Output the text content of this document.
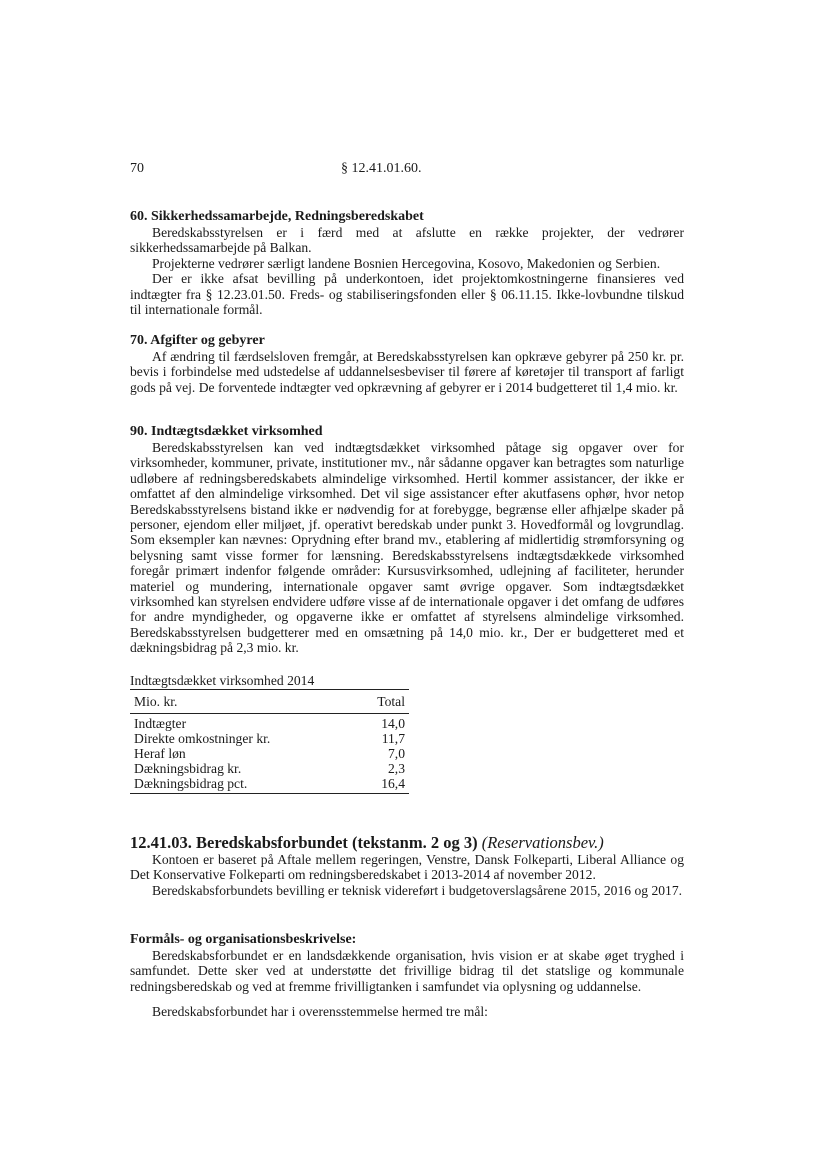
70	§ 12.41.01.60.
60. Sikkerhedssamarbejde, Redningsberedskabet

Beredskabsstyrelsen er i færd med at afslutte en række projekter, der vedrører sikkerhedssamarbejde på Balkan.

Projekterne vedrører særligt landene Bosnien Hercegovina, Kosovo, Makedonien og Serbien.

Der er ikke afsat bevilling på underkontoen, idet projektomkostningerne finansieres ved indtægter fra § 12.23.01.50. Freds- og stabiliseringsfonden eller § 06.11.15. Ikke-lovbundne tilskud til internationale formål.

70. Afgifter og gebyrer

Af ændring til færdselsloven fremgår, at Beredskabsstyrelsen kan opkræve gebyrer på 250 kr. pr. bevis i forbindelse med udstedelse af uddannelsesbeviser til førere af køretøjer til transport af farligt gods på vej. De forventede indtægter ved opkrævning af gebyrer er i 2014 budgetteret til 1,4 mio. kr.

90. Indtægtsdækket virksomhed

Beredskabsstyrelsen kan ved indtægtsdækket virksomhed påtage sig opgaver over for virksomheder, kommuner, private, institutioner mv., når sådanne opgaver kan betragtes som naturlige udløbere af redningsberedskabets almindelige virksomhed. Hertil kommer assistancer, der ikke er omfattet af den almindelige virksomhed. Det vil sige assistancer efter akutfasens ophør, hvor netop Beredskabsstyrelsens bistand ikke er nødvendig for at forebygge, begrænse eller afhjælpe skader på personer, ejendom eller miljøet, jf. operativt beredskab under punkt 3. Hovedformål og lovgrundlag. Som eksempler kan nævnes: Oprydning efter brand mv., etablering af midlertidig strømforsyning og belysning samt visse former for lænsning. Beredskabsstyrelsens indtægtsdækkede virksomhed foregår primært indenfor følgende områder: Kursusvirksomhed, udlejning af faciliteter, herunder materiel og mundering, internationale opgaver samt øvrige opgaver. Som indtægtsdækket virksomhed kan styrelsen endvidere udføre visse af de internationale opgaver i det omfang de udføres for andre myndigheder, og opgaverne ikke er omfattet af styrelsens almindelige virksomhed. Beredskabsstyrelsen budgetterer med en omsætning på 14,0 mio. kr., Der er budgetteret med et dækningsbidrag på 2,3 mio. kr.

Indtægtsdækket virksomhed 2014
Mio. kr.	Total
Indtægter	14,0
Direkte omkostninger kr.	11,7
Heraf løn	7,0
Dækningsbidrag kr.	2,3
Dækningsbidrag pct.	16,4
12.41.03. Beredskabsforbundet (tekstanm. 2 og 3) (Reservationsbev.)

Kontoen er baseret på Aftale mellem regeringen, Venstre, Dansk Folkeparti, Liberal Alliance og Det Konservative Folkeparti om redningsberedskabet i 2013-2014 af november 2012.

Beredskabsforbundets bevilling er teknisk videreført i budgetoverslagsårene 2015, 2016 og 2017.

Formåls- og organisationsbeskrivelse:

Beredskabsforbundet er en landsdækkende organisation, hvis vision er at skabe øget tryghed i samfundet. Dette sker ved at understøtte det frivillige bidrag til det statslige og kommunale redningsberedskab og ved at fremme frivilligtanken i samfundet via oplysning og uddannelse.

Beredskabsforbundet har i overensstemmelse hermed tre mål:
